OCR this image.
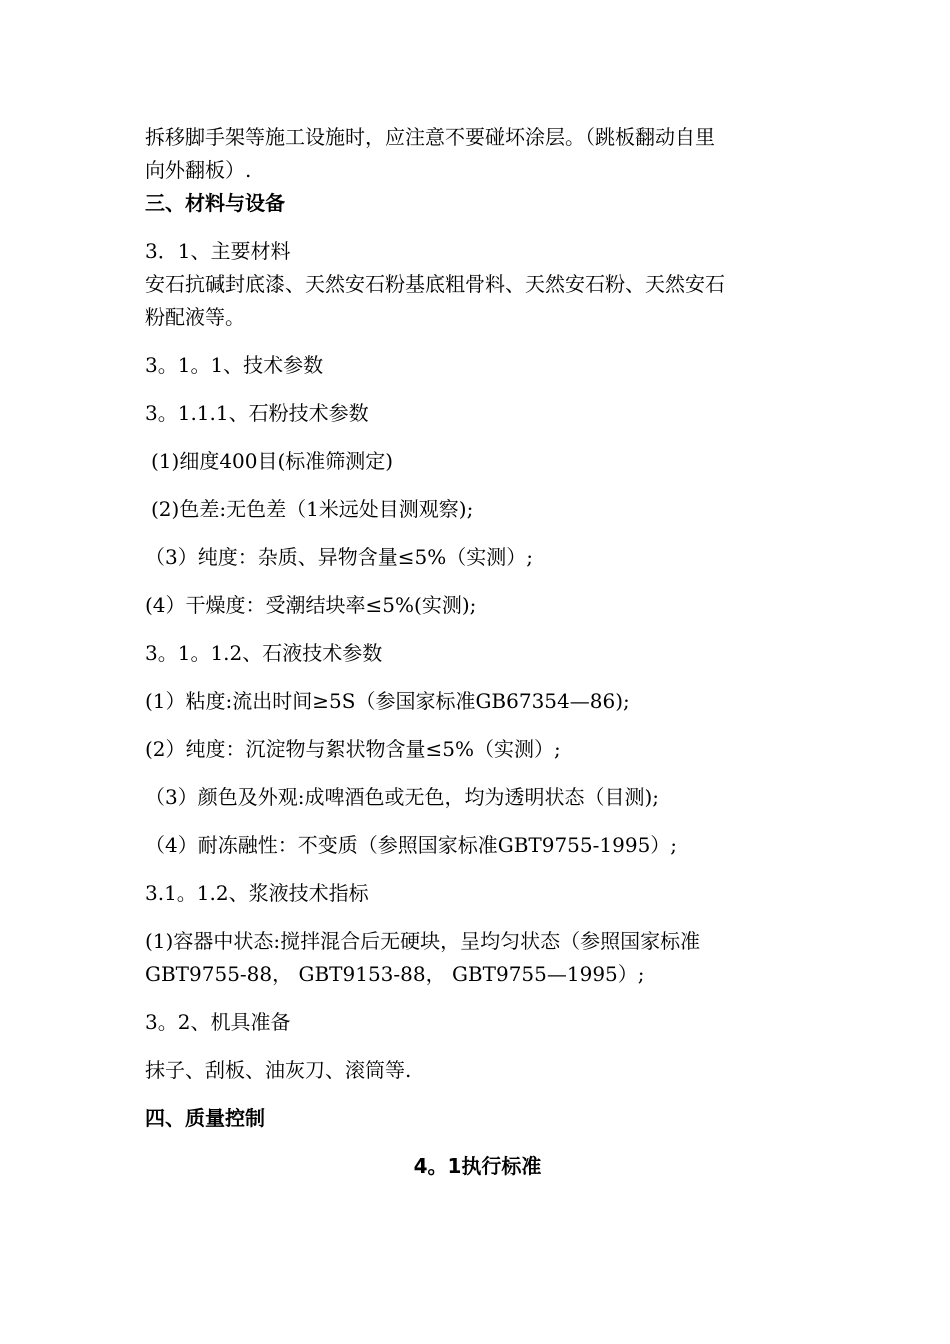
拆移脚手架等施工设施时，应注意不要碰坏涂层。（跳板翻动自里
向外翻板）.
三、材料与设备
3．1、主要材料
安石抗碱封底漆、天然安石粉基底粗骨料、天然安石粉、天然安石
粉配液等。
3。1。1、技术参数
3。1.1.1、石粉技术参数
(1)细度400目(标准筛测定)
(2)色差:无色差（1米远处目测观察);
（3）纯度：杂质、异物含量≤5%（实测）;
(4）干燥度：受潮结块率≤5%(实测);
3。1。1.2、石液技术参数
(1）粘度:流出时间≥5S（参国家标准GB67354—86);
(2）纯度：沉淀物与絮状物含量≤5%（实测）;
（3）颜色及外观:成啤酒色或无色，均为透明状态（目测);
（4）耐冻融性：不变质（参照国家标准GBT9755-1995）;
3.1。1.2、浆液技术指标
(1)容器中状态:搅拌混合后无硬块，呈均匀状态（参照国家标准
GBT9755-88， GBT9153-88， GBT9755—1995）;
3。2、机具准备
抹子、刮板、油灰刀、滚筒等.
四、质量控制
4。1执行标准
